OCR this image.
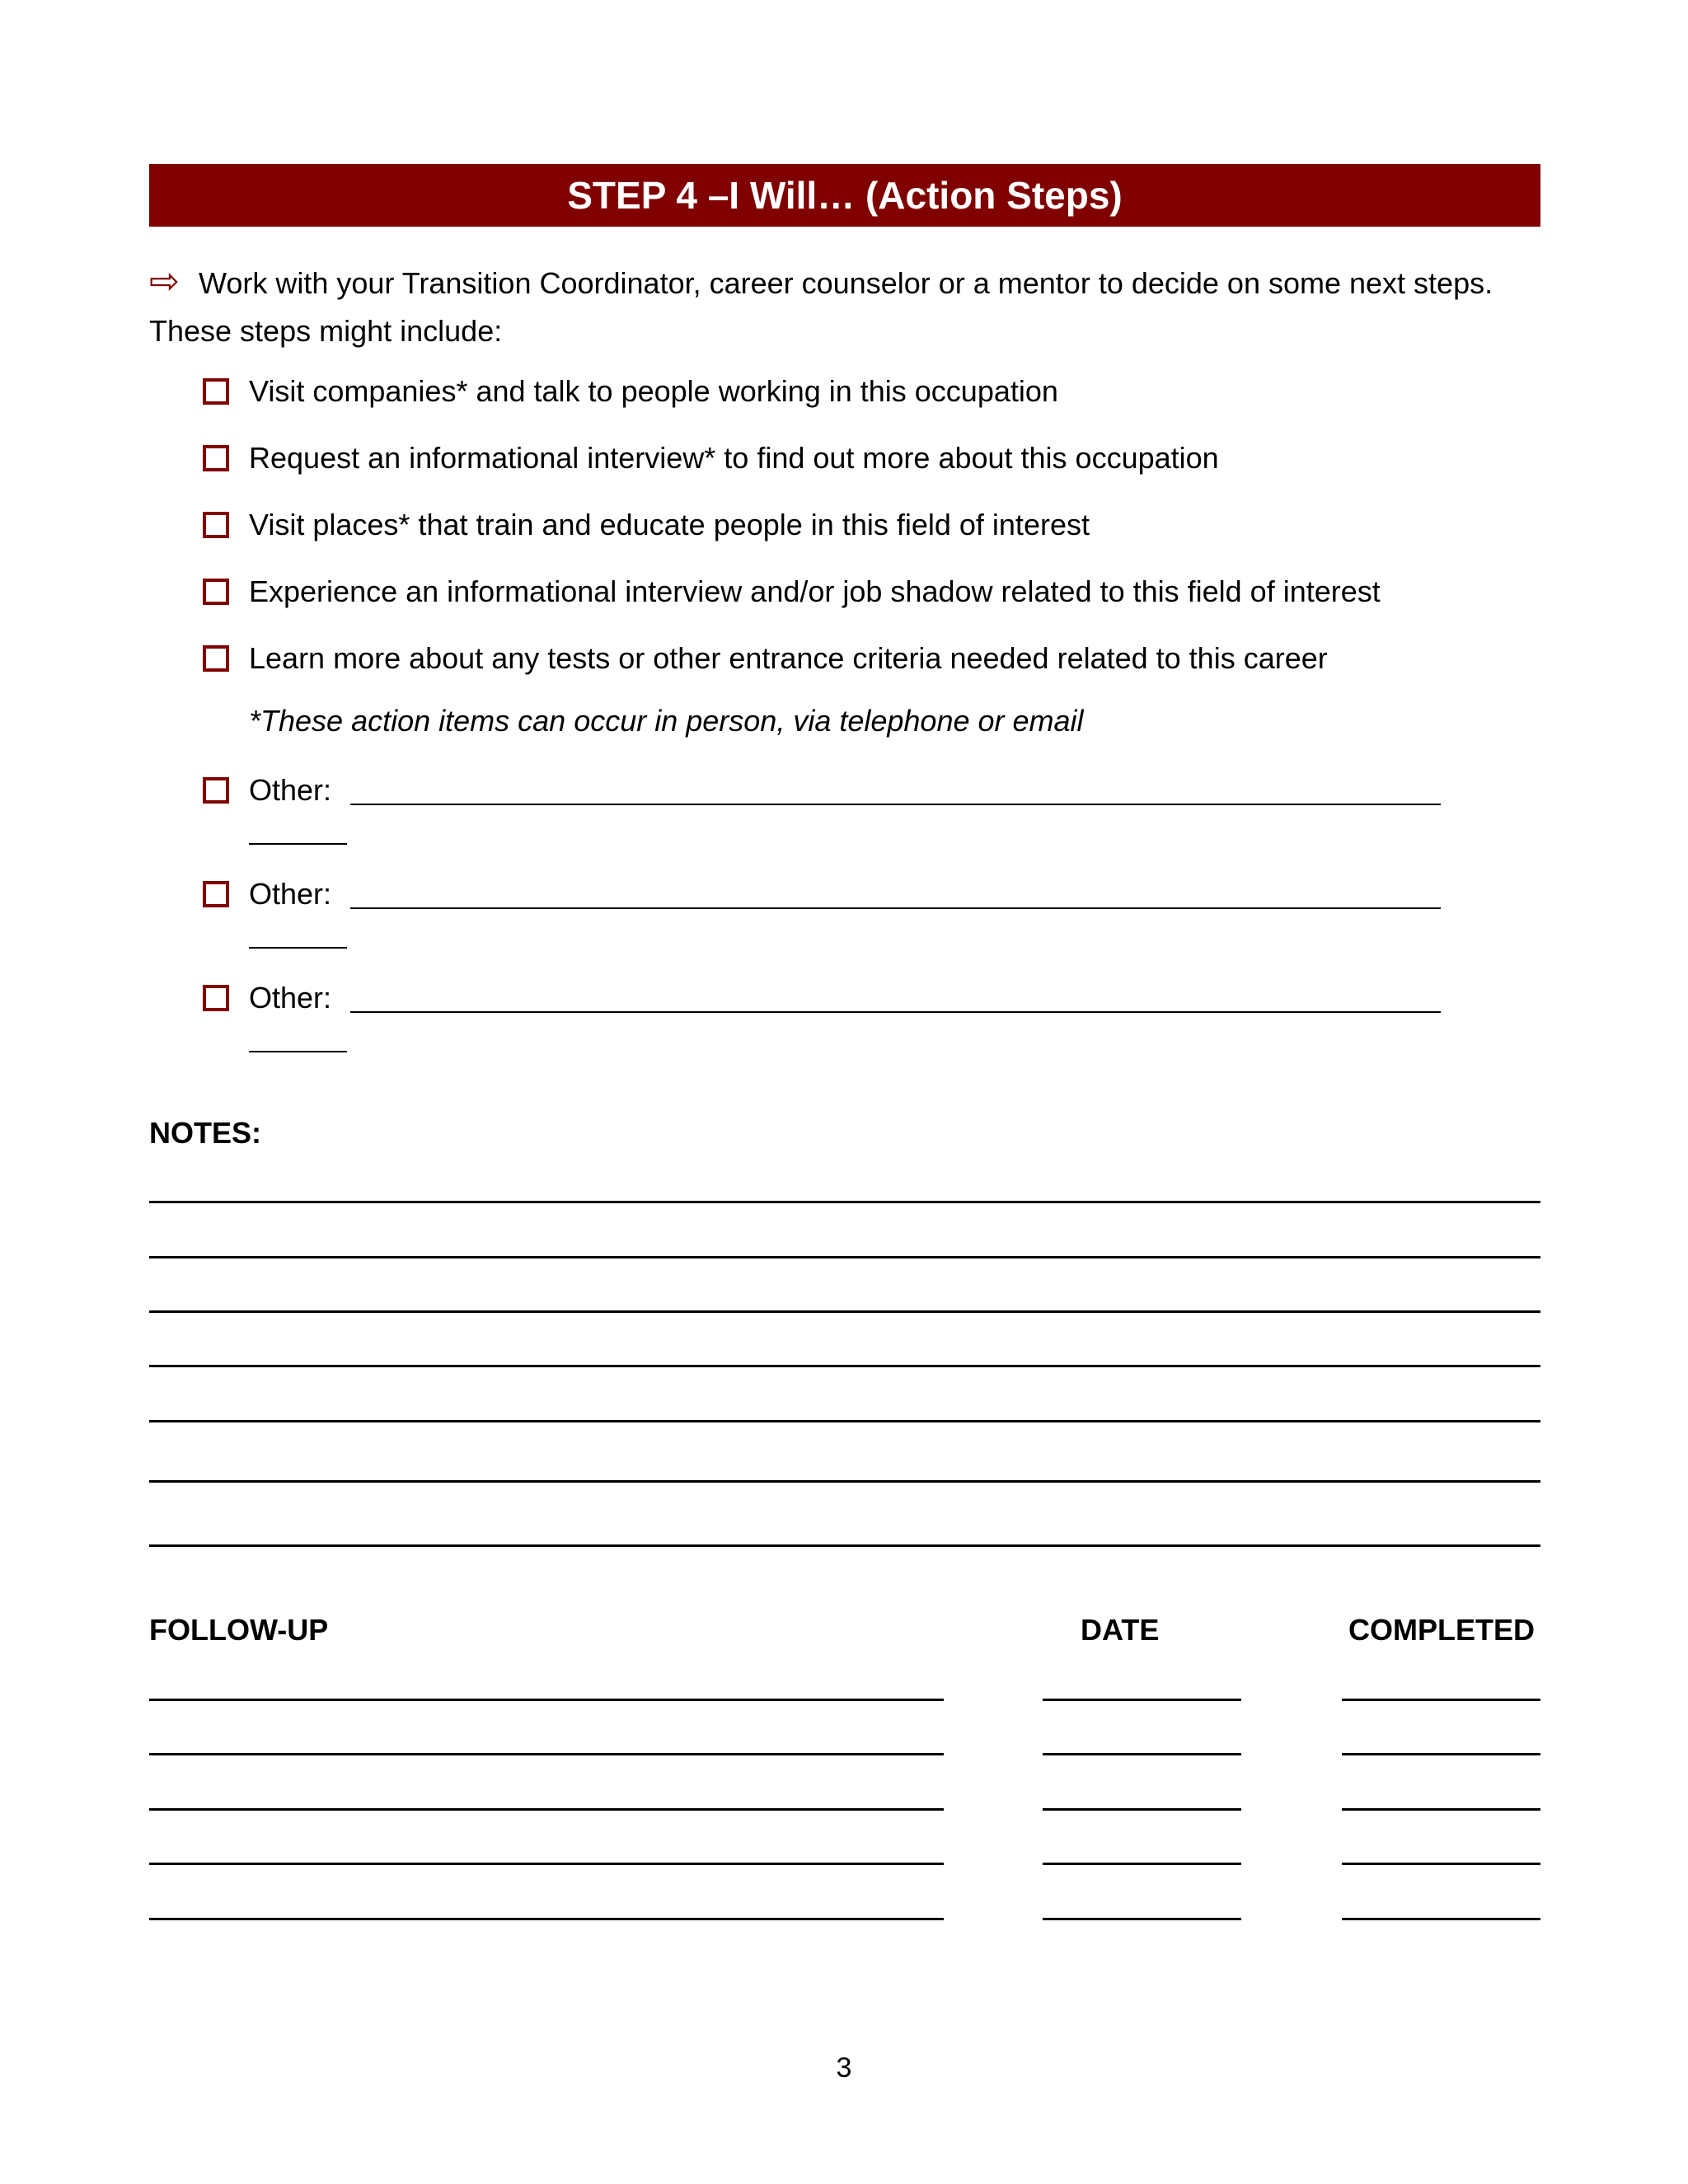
STEP 4 –I Will… (Action Steps)
⇨ Work with your Transition Coordinator, career counselor or a mentor to decide on some next steps. These steps might include:
Visit companies* and talk to people working in this occupation
Request an informational interview* to find out more about this occupation
Visit places* that train and educate people in this field of interest
Experience an informational interview and/or job shadow related to this field of interest
Learn more about any tests or other entrance criteria needed related to this career
*These action items can occur in person, via telephone or email
Other:
Other:
Other:
NOTES:
FOLLOW-UP	DATE	COMPLETED
3
